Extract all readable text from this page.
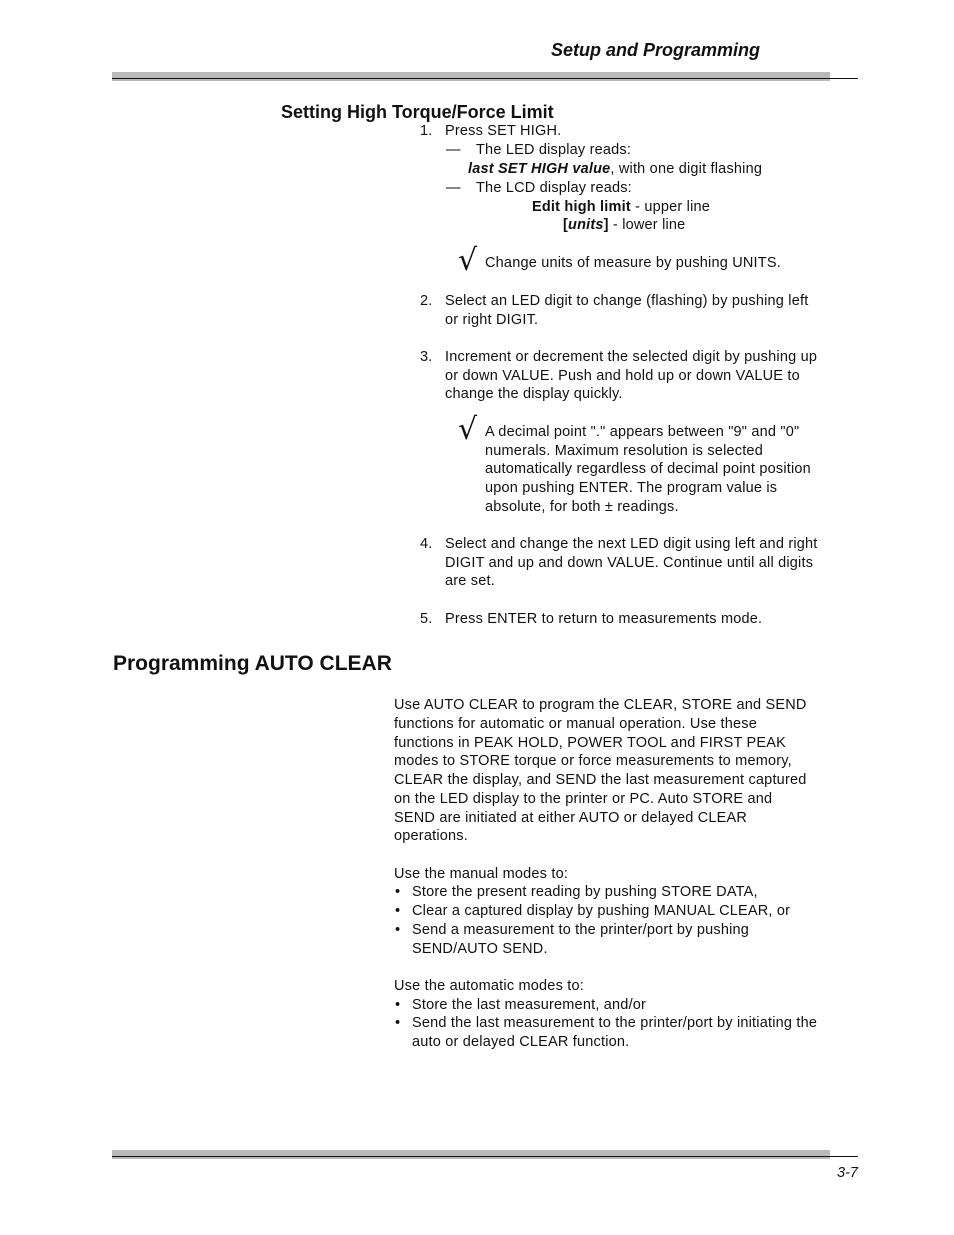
Setup and Programming
Setting High Torque/Force Limit
1. Press SET HIGH.
— The LED display reads:
last SET HIGH value, with one digit flashing
— The LCD display reads:
Edit high limit - upper line
[units] - lower line
√ Change units of measure by pushing UNITS.
2. Select an LED digit to change (flashing) by pushing left
or right DIGIT.
3. Increment or decrement the selected digit by pushing up
or down VALUE. Push and hold up or down VALUE to
change the display quickly.
√ A decimal point "." appears between "9" and "0"
numerals. Maximum resolution is selected
automatically regardless of decimal point position
upon pushing ENTER. The program value is
absolute, for both ± readings.
4. Select and change the next LED digit using left and right
DIGIT and up and down VALUE. Continue until all digits
are set.
5. Press ENTER to return to measurements mode.
Programming AUTO CLEAR
Use AUTO CLEAR to program the CLEAR, STORE and SEND
functions for automatic or manual operation. Use these
functions in PEAK HOLD, POWER TOOL and FIRST PEAK
modes to STORE torque or force measurements to memory,
CLEAR the display, and SEND the last measurement captured
on the LED display to the printer or PC. Auto STORE and
SEND are initiated at either AUTO or delayed CLEAR
operations.
Use the manual modes to:
• Store the present reading by pushing STORE DATA,
• Clear a captured display by pushing MANUAL CLEAR, or
• Send a measurement to the printer/port by pushing
SEND/AUTO SEND.
Use the automatic modes to:
• Store the last measurement, and/or
• Send the last measurement to the printer/port by initiating the
auto or delayed CLEAR function.
3-7
